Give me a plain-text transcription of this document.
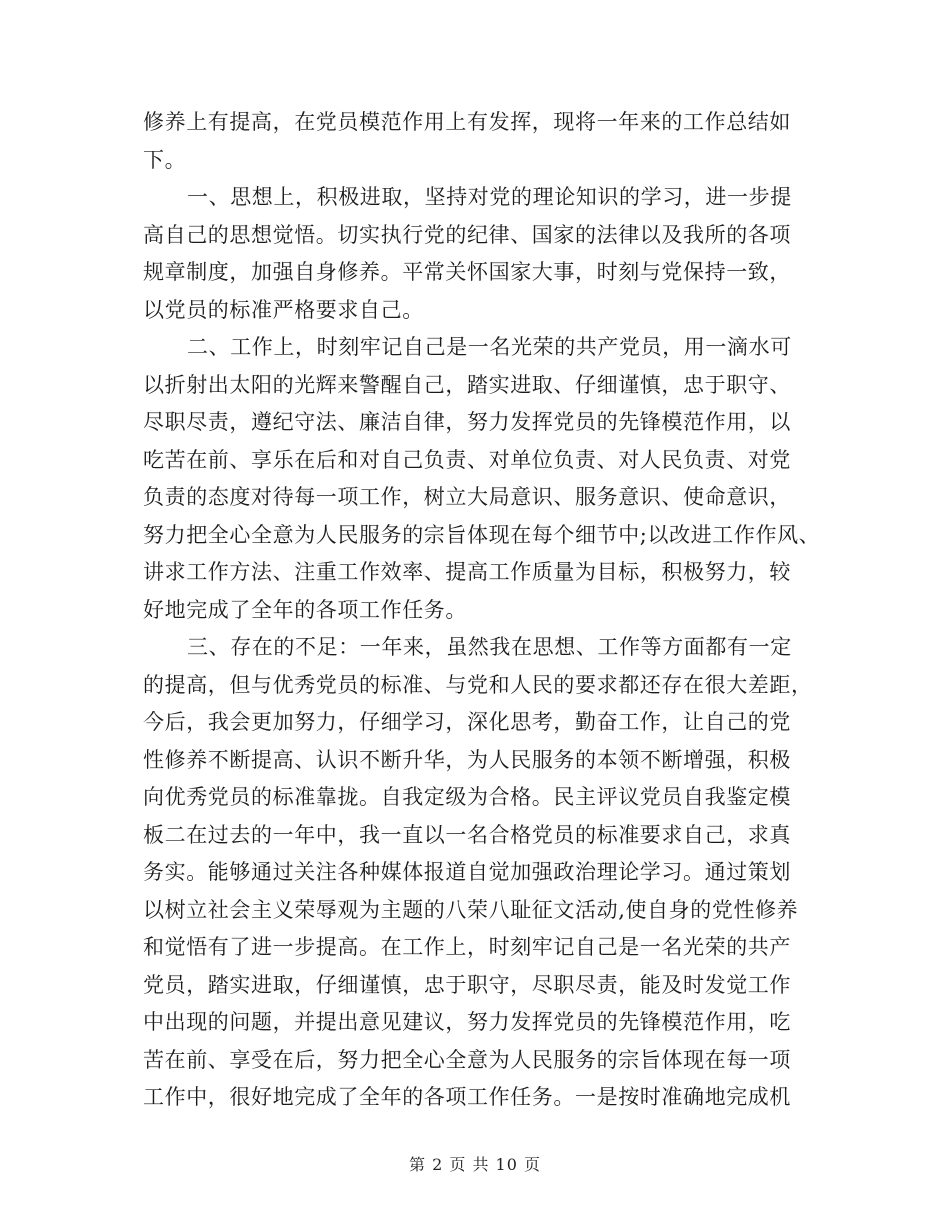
修养上有提高，在党员模范作用上有发挥，现将一年来的工作总结如
下。
一、思想上，积极进取，坚持对党的理论知识的学习，进一步提
高自己的思想觉悟。切实执行党的纪律、国家的法律以及我所的各项
规章制度，加强自身修养。平常关怀国家大事，时刻与党保持一致，
以党员的标准严格要求自己。
二、工作上，时刻牢记自己是一名光荣的共产党员，用一滴水可
以折射出太阳的光辉来警醒自己，踏实进取、仔细谨慎，忠于职守、
尽职尽责，遵纪守法、廉洁自律，努力发挥党员的先锋模范作用，以
吃苦在前、享乐在后和对自己负责、对单位负责、对人民负责、对党
负责的态度对待每一项工作，树立大局意识、服务意识、使命意识，
努力把全心全意为人民服务的宗旨体现在每个细节中;以改进工作作风、
讲求工作方法、注重工作效率、提高工作质量为目标，积极努力，较
好地完成了全年的各项工作任务。
三、存在的不足：一年来，虽然我在思想、工作等方面都有一定
的提高，但与优秀党员的标准、与党和人民的要求都还存在很大差距，
今后，我会更加努力，仔细学习，深化思考，勤奋工作，让自己的党
性修养不断提高、认识不断升华，为人民服务的本领不断增强，积极
向优秀党员的标准靠拢。自我定级为合格。民主评议党员自我鉴定模
板二在过去的一年中，我一直以一名合格党员的标准要求自己，求真
务实。能够通过关注各种媒体报道自觉加强政治理论学习。通过策划
以树立社会主义荣辱观为主题的八荣八耻征文活动,使自身的党性修养
和觉悟有了进一步提高。在工作上，时刻牢记自己是一名光荣的共产
党员，踏实进取，仔细谨慎，忠于职守，尽职尽责，能及时发觉工作
中出现的问题，并提出意见建议，努力发挥党员的先锋模范作用，吃
苦在前、享受在后，努力把全心全意为人民服务的宗旨体现在每一项
工作中，很好地完成了全年的各项工作任务。一是按时准确地完成机
第 2 页 共 10 页
